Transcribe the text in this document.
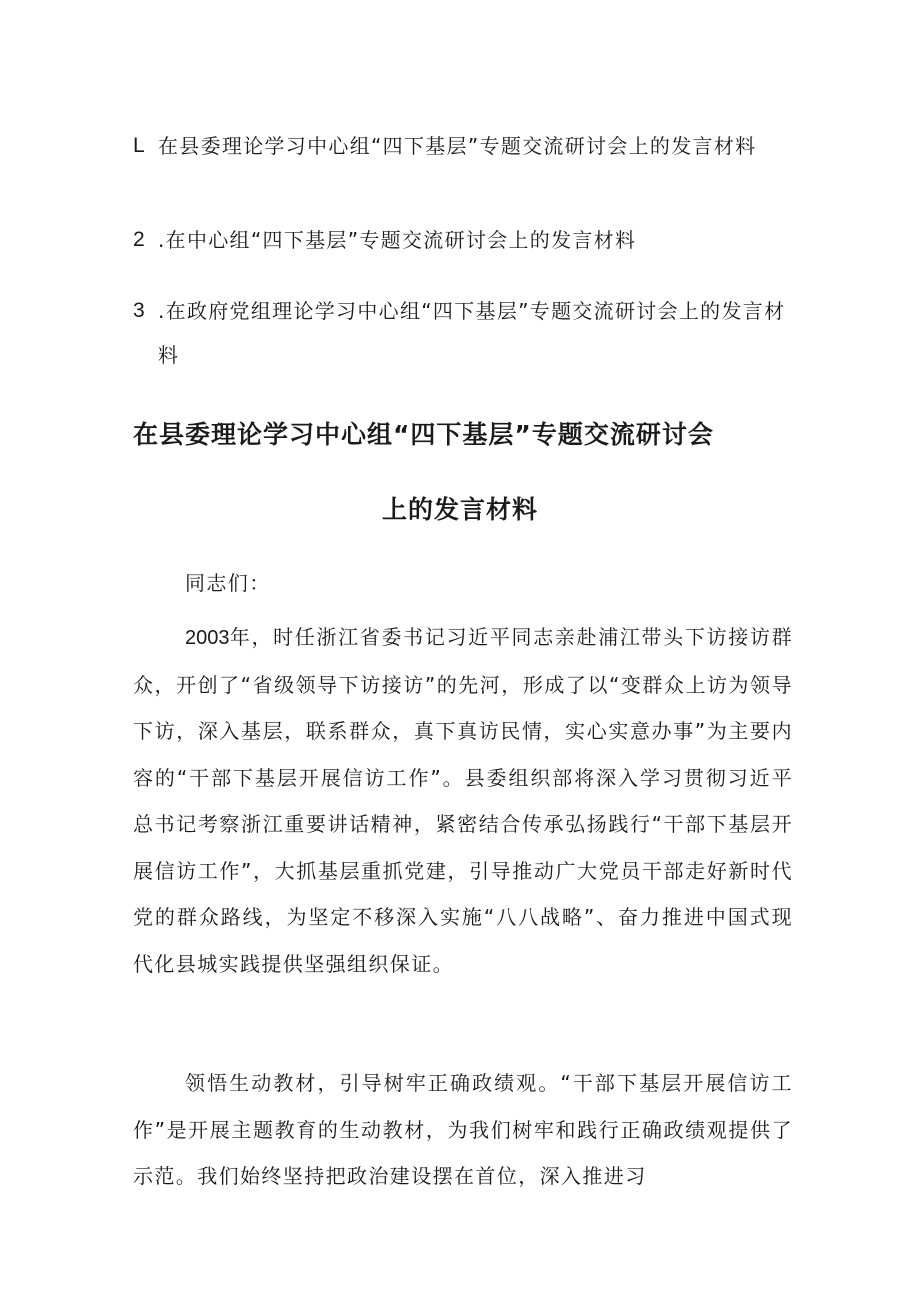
L 在县委理论学习中心组“四下基层”专题交流研讨会上的发言材料
2 .在中心组“四下基层”专题交流研讨会上的发言材料
3 .在政府党组理论学习中心组“四下基层”专题交流研讨会上的发言材料
在县委理论学习中心组“四下基层”专题交流研讨会
上的发言材料
同志们：
2003年，时任浙江省委书记习近平同志亲赴浦江带头下访接访群众，开创了“省级领导下访接访”的先河，形成了以“变群众上访为领导下访，深入基层，联系群众，真下真访民情，实心实意办事”为主要内容的“干部下基层开展信访工作”。县委组织部将深入学习贯彻习近平总书记考察浙江重要讲话精神，紧密结合传承弘扬践行“干部下基层开展信访工作”，大抓基层重抓党建，引导推动广大党员干部走好新时代党的群众路线，为坚定不移深入实施“八八战略”、奋力推进中国式现代化县城实践提供坚强组织保证。
领悟生动教材，引导树牢正确政绩观。“干部下基层开展信访工作”是开展主题教育的生动教材，为我们树牢和践行正确政绩观提供了示范。我们始终坚持把政治建设摆在首位，深入推进习
